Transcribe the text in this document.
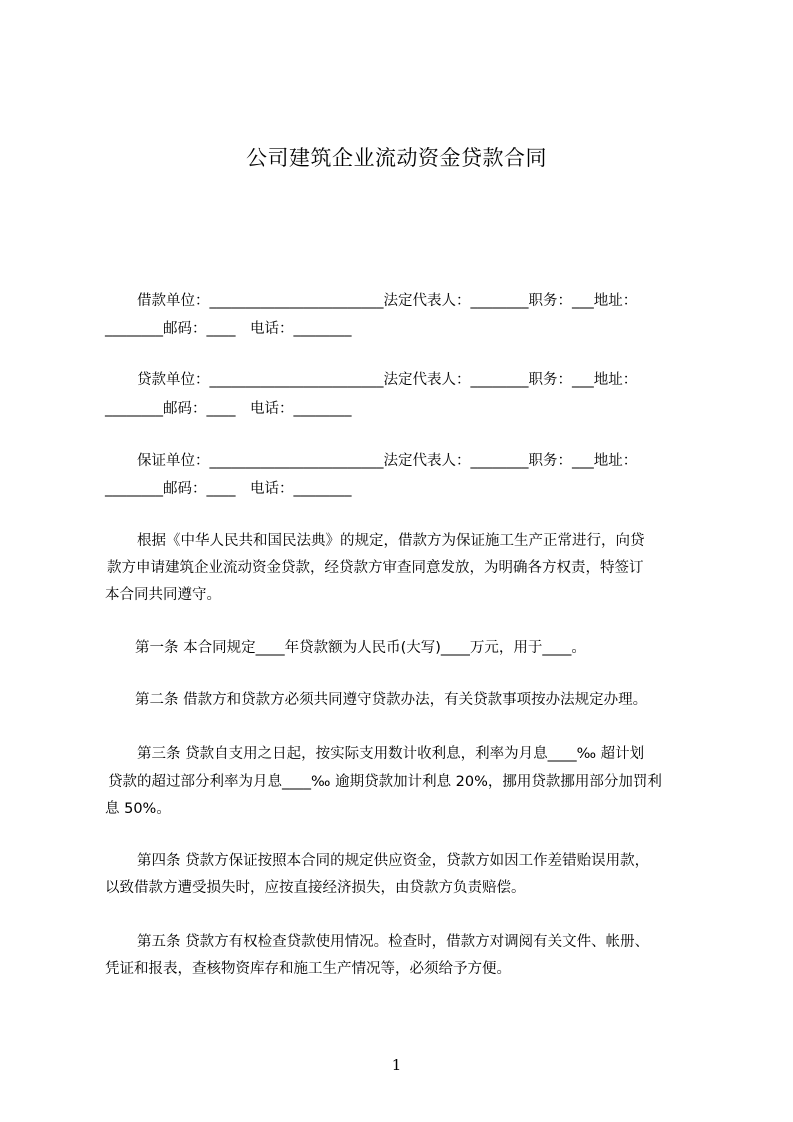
公司建筑企业流动资金贷款合同
借款单位：________________________法定代表人：________职务：___地址：
________邮码：____　电话：________
贷款单位：________________________法定代表人：________职务：___地址：
________邮码：____　电话：________
保证单位：________________________法定代表人：________职务：___地址：
________邮码：____　电话：________
根据《中华人民共和国民法典》的规定，借款方为保证施工生产正常进行，向贷
款方申请建筑企业流动资金贷款，经贷款方审查同意发放，为明确各方权责，特签订
本合同共同遵守。
第一条 本合同规定____年贷款额为人民币(大写)____万元，用于____。
第二条 借款方和贷款方必须共同遵守贷款办法，有关贷款事项按办法规定办理。
第三条 贷款自支用之日起，按实际支用数计收利息，利率为月息____‰ 超计划
贷款的超过部分利率为月息____‰ 逾期贷款加计利息 20%，挪用贷款挪用部分加罚利
息 50%。
第四条 贷款方保证按照本合同的规定供应资金，贷款方如因工作差错贻误用款，
以致借款方遭受损失时，应按直接经济损失，由贷款方负责赔偿。
第五条 贷款方有权检查贷款使用情况。检查时，借款方对调阅有关文件、帐册、
凭证和报表，查核物资库存和施工生产情况等，必须给予方便。
1
